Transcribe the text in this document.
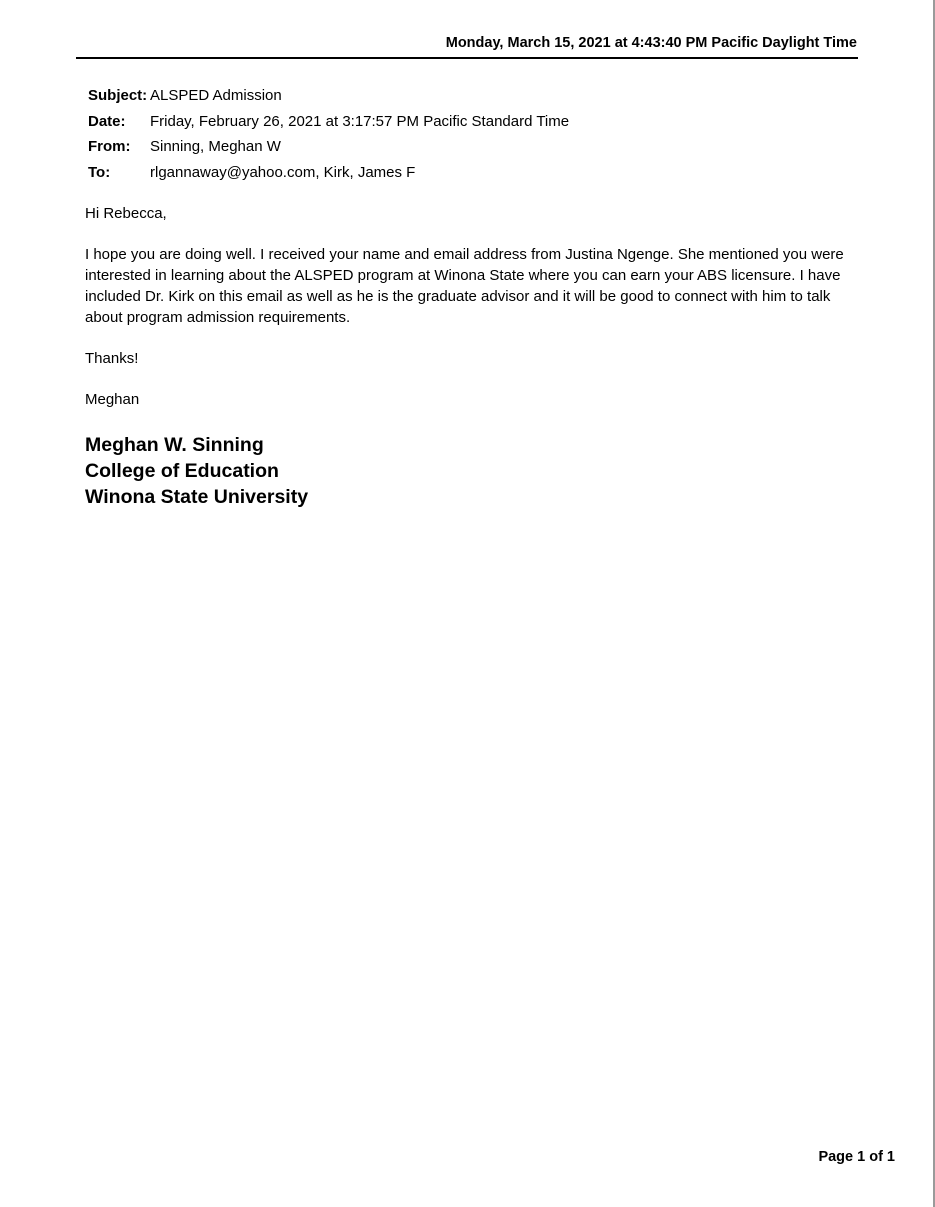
Monday, March 15, 2021 at 4:43:40 PM Pacific Daylight Time
Subject: ALSPED Admission
Date: Friday, February 26, 2021 at 3:17:57 PM Pacific Standard Time
From: Sinning, Meghan W
To:	rlgannaway@yahoo.com, Kirk, James F

Hi Rebecca,

I hope you are doing well. I received your name and email address from Justina Ngenge. She mentioned you were interested in learning about the ALSPED program at Winona State where you can earn your ABS licensure. I have included Dr. Kirk on this email as well as he is the graduate advisor and it will be good to connect with him to talk about program admission requirements.

Thanks!

Meghan

Meghan W. Sinning
College of Education
Winona State University
Page 1 of 1
